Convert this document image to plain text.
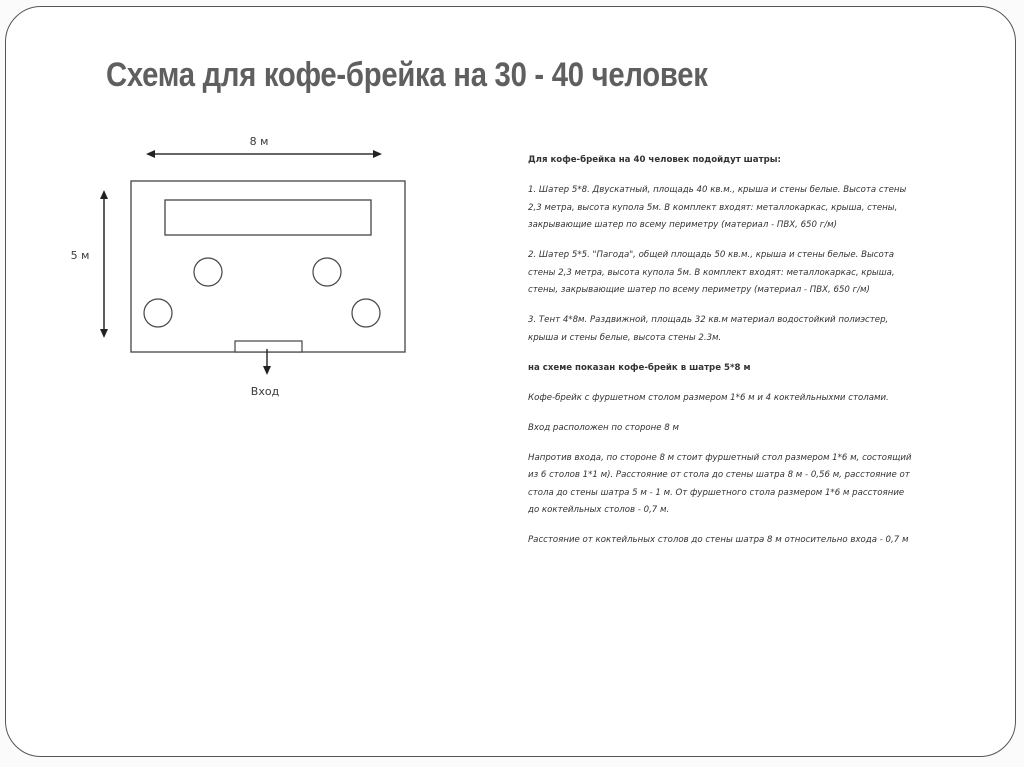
Схема для кофе-брейка на 30 - 40 человек
8 м
5 м
Вход

Для кофе-брейка на 40 человек подойдут шатры:

1. Шатер 5*8. Двускатный, площадь 40 кв.м., крыша и стены белые. Высота стены 2,3 метра, высота купола 5м. В комплект входят: металлокаркас, крыша, стены, закрывающие шатер по всему периметру (материал - ПВХ, 650 г/м)

2. Шатер 5*5. "Пагода", общей площадь 50 кв.м., крыша и стены белые. Высота стены 2,3 метра, высота купола 5м. В комплект входят: металлокаркас, крыша, стены, закрывающие шатер по всему периметру (материал - ПВХ, 650 г/м)

3. Тент 4*8м. Раздвижной, площадь 32 кв.м материал водостойкий полиэстер, крыша и стены белые, высота стены 2.3м.

на схеме показан кофе-брейк в шатре 5*8 м

Кофе-брейк с фуршетном столом размером 1*6 м и 4 коктейльныхми столами.

Вход расположен по стороне 8 м

Напротив входа, по стороне 8 м стоит фуршетный стол размером 1*6 м, состоящий из 6 столов 1*1 м). Расстояние от стола до стены шатра 8 м - 0,56 м, расстояние от стола до стены шатра 5 м - 1 м. От фуршетного стола размером 1*6 м расстояние до коктейльных столов - 0,7 м.

Расстояние от коктейльных столов до стены шатра 8 м относительно входа - 0,7 м
